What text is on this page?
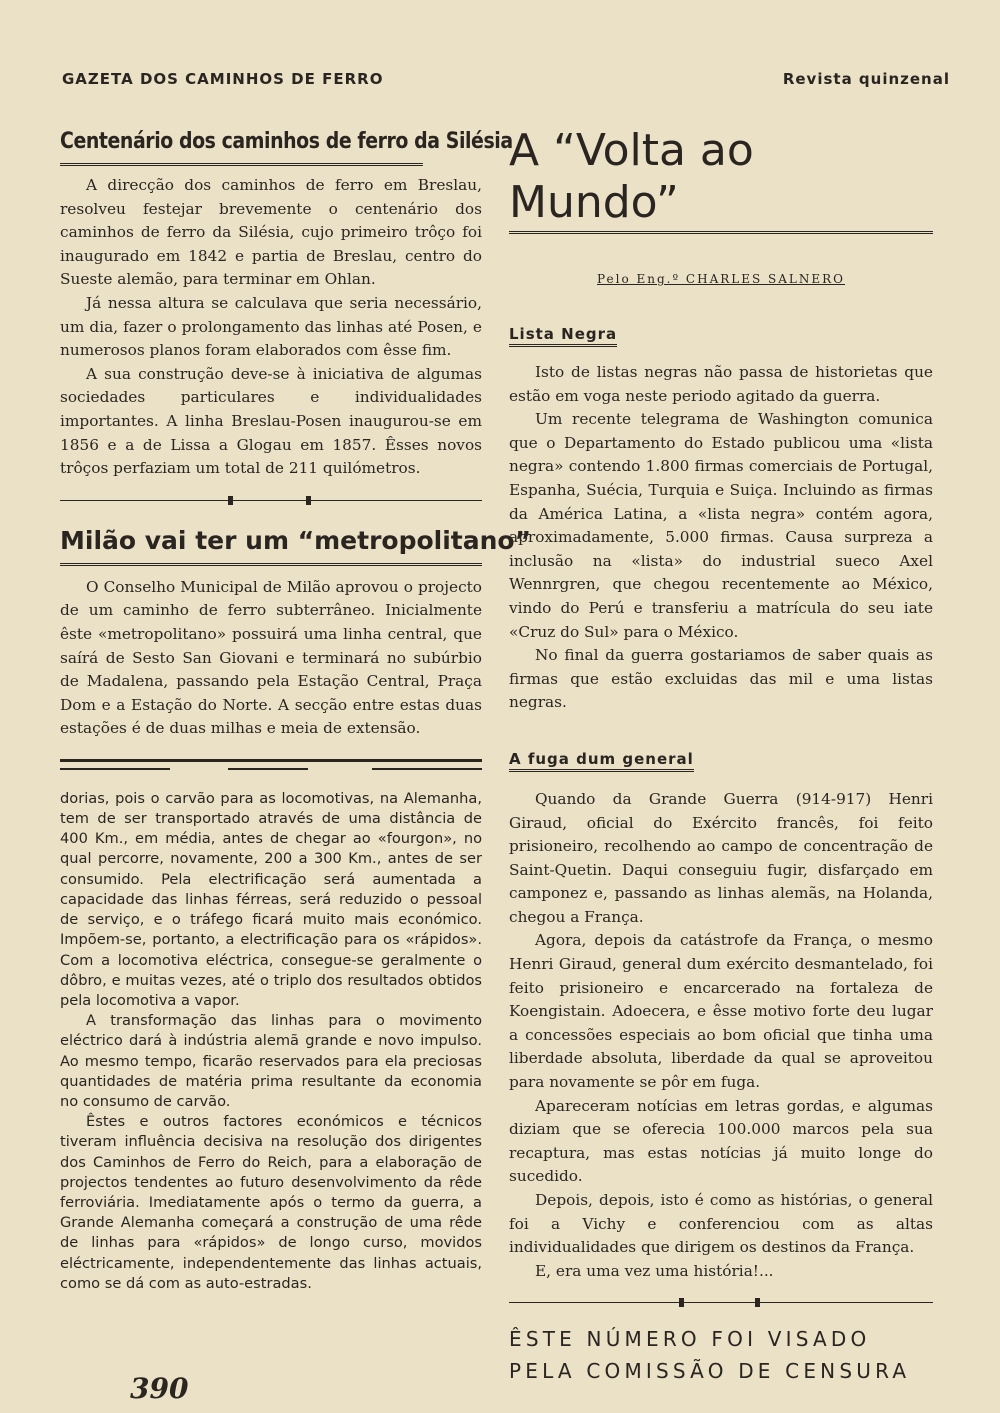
GAZETA DOS CAMINHOS DE FERRO	Revista quinzenal
Centenário dos caminhos de ferro da Silésia

A direcção dos caminhos de ferro em Breslau, resolveu festejar brevemente o centenário dos caminhos de ferro da Silésia, cujo primeiro trôço foi inaugurado em 1842 e partia de Breslau, centro do Sueste alemão, para terminar em Ohlan.

Já nessa altura se calculava que seria necessário, um dia, fazer o prolongamento das linhas até Posen, e numerosos planos foram elaborados com êsse fim.

A sua construção deve-se à iniciativa de algumas sociedades particulares e individualidades importantes. A linha Breslau-Posen inaugurou-se em 1856 e a de Lissa a Glogau em 1857. Êsses novos trôços perfaziam um total de 211 quilómetros.

Milão vai ter um “metropolitano”

O Conselho Municipal de Milão aprovou o projecto de um caminho de ferro subterrâneo. Inicialmente êste «metropolitano» possuirá uma linha central, que saírá de Sesto San Giovani e terminará no subúrbio de Madalena, passando pela Estação Central, Praça Dom e a Estação do Norte. A secção entre estas duas estações é de duas milhas e meia de extensão.

dorias, pois o carvão para as locomotivas, na Alemanha, tem de ser transportado através de uma distância de 400 Km., em média, antes de chegar ao «fourgon», no qual percorre, novamente, 200 a 300 Km., antes de ser consumido. Pela electrificação será aumentada a capacidade das linhas férreas, será reduzido o pessoal de serviço, e o tráfego ficará muito mais económico. Impõem-se, portanto, a electrificação para os «rápidos». Com a locomotiva eléctrica, consegue-se geralmente o dôbro, e muitas vezes, até o triplo dos resultados obtidos pela locomotiva a vapor.

A transformação das linhas para o movimento eléctrico dará à indústria alemã grande e novo impulso. Ao mesmo tempo, ficarão reservados para ela preciosas quantidades de matéria prima resultante da economia no consumo de carvão.

Êstes e outros factores económicos e técnicos tiveram influência decisiva na resolução dos dirigentes dos Caminhos de Ferro do Reich, para a elaboração de projectos tendentes ao futuro desenvolvimento da rêde ferroviária. Imediatamente após o termo da guerra, a Grande Alemanha começará a construção de uma rêde de linhas para «rápidos» de longo curso, movidos eléctricamente, independentemente das linhas actuais, como se dá com as auto-estradas.

A “Volta ao Mundo”
Pelo Eng.º CHARLES SALNERO
Lista Negra

Isto de listas negras não passa de historietas que estão em voga neste periodo agitado da guerra.

Um recente telegrama de Washington comunica que o Departamento do Estado publicou uma «lista negra» contendo 1.800 firmas comerciais de Portugal, Espanha, Suécia, Turquia e Suiça. Incluindo as firmas da América Latina, a «lista negra» contém agora, aproximadamente, 5.000 firmas. Causa surpreza a inclusão na «lista» do industrial sueco Axel Wennrgren, que chegou recentemente ao México, vindo do Perú e transferiu a matrícula do seu iate «Cruz do Sul» para o México.

No final da guerra gostariamos de saber quais as firmas que estão excluidas das mil e uma listas negras.

A fuga dum general

Quando da Grande Guerra (914-917) Henri Giraud, oficial do Exército francês, foi feito prisioneiro, recolhendo ao campo de concentração de Saint-Quetin. Daqui conseguiu fugir, disfarçado em camponez e, passando as linhas alemãs, na Holanda, chegou a França.

Agora, depois da catástrofe da França, o mesmo Henri Giraud, general dum exército desmantelado, foi feito prisioneiro e encarcerado na fortaleza de Koengistain. Adoecera, e êsse motivo forte deu lugar a concessões especiais ao bom oficial que tinha uma liberdade absoluta, liberdade da qual se aproveitou para novamente se pôr em fuga.

Apareceram notícias em letras gordas, e algumas diziam que se oferecia 100.000 marcos pela sua recaptura, mas estas notícias já muito longe do sucedido.

Depois, depois, isto é como as histórias, o general foi a Vichy e conferenciou com as altas individualidades que dirigem os destinos da França.

E, era uma vez uma história!...

ÊSTE NÚMERO FOI VISADO
PELA COMISSÃO DE CENSURA
390
